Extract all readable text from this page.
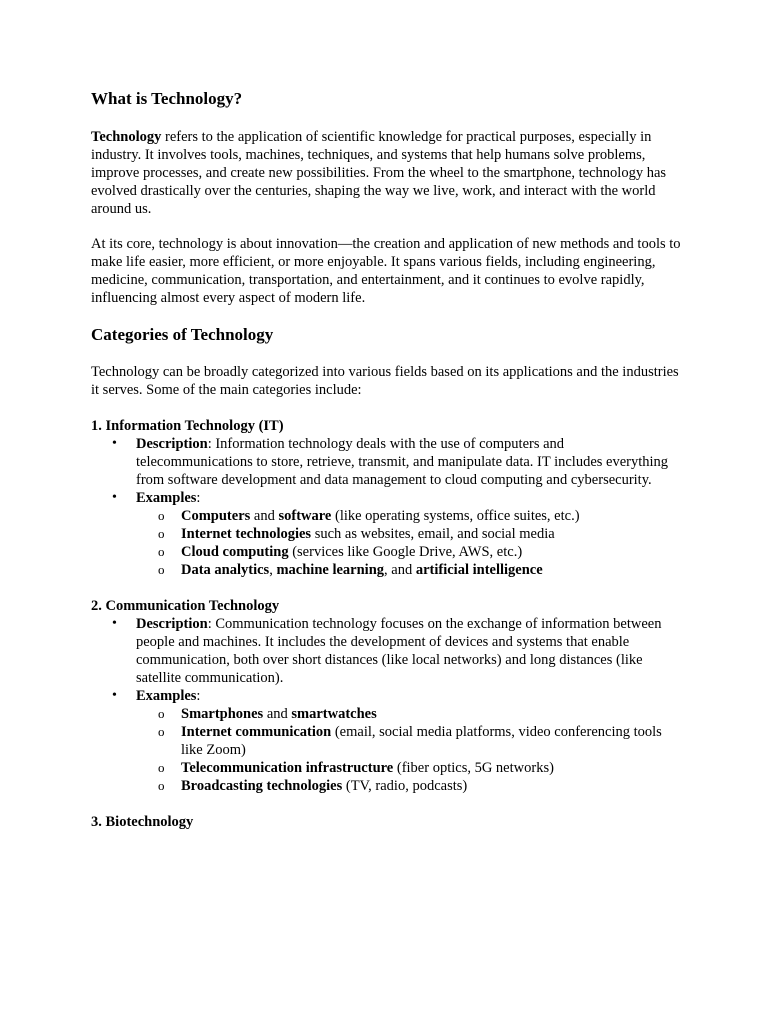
What is Technology?

Technology refers to the application of scientific knowledge for practical purposes, especially in industry. It involves tools, machines, techniques, and systems that help humans solve problems, improve processes, and create new possibilities. From the wheel to the smartphone, technology has evolved drastically over the centuries, shaping the way we live, work, and interact with the world around us.

At its core, technology is about innovation—the creation and application of new methods and tools to make life easier, more efficient, or more enjoyable. It spans various fields, including engineering, medicine, communication, transportation, and entertainment, and it continues to evolve rapidly, influencing almost every aspect of modern life.

Categories of Technology

Technology can be broadly categorized into various fields based on its applications and the industries it serves. Some of the main categories include:

1. Information Technology (IT)
• Description: Information technology deals with the use of computers and telecommunications to store, retrieve, transmit, and manipulate data. IT includes everything from software development and data management to cloud computing and cybersecurity.
• Examples:
o Computers and software (like operating systems, office suites, etc.)
o Internet technologies such as websites, email, and social media
o Cloud computing (services like Google Drive, AWS, etc.)
o Data analytics, machine learning, and artificial intelligence
2. Communication Technology
• Description: Communication technology focuses on the exchange of information between people and machines. It includes the development of devices and systems that enable communication, both over short distances (like local networks) and long distances (like satellite communication).
• Examples:
o Smartphones and smartwatches
o Internet communication (email, social media platforms, video conferencing tools like Zoom)
o Telecommunication infrastructure (fiber optics, 5G networks)
o Broadcasting technologies (TV, radio, podcasts)
3. Biotechnology
